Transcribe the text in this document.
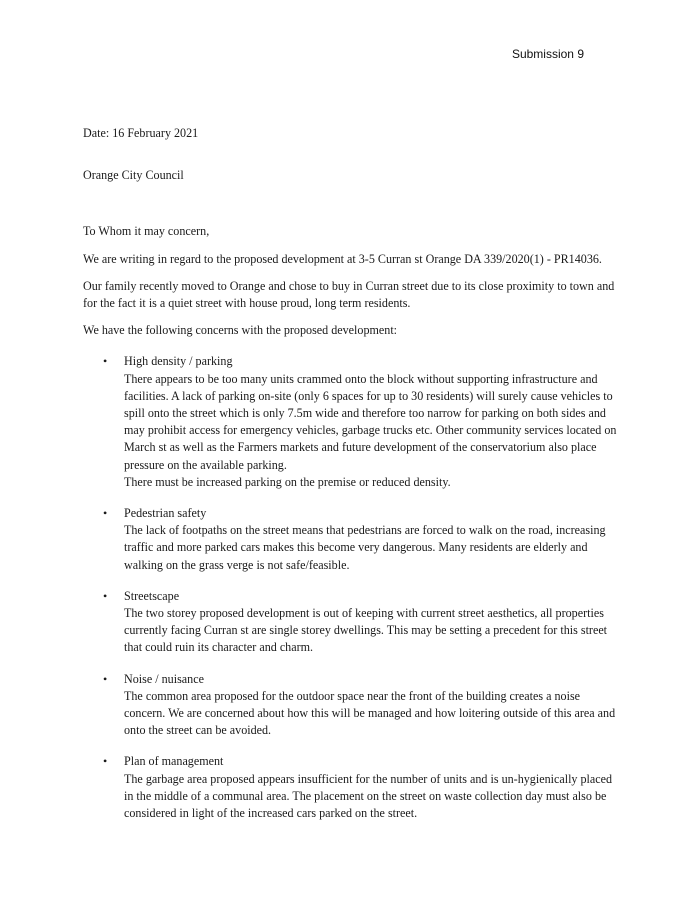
Submission 9

Date: 16 February 2021

Orange City Council

To Whom it may concern,

We are writing in regard to the proposed development at 3-5 Curran st Orange DA 339/2020(1) - PR14036.

Our family recently moved to Orange and chose to buy in Curran street due to its close proximity to town and for the fact it is a quiet street with house proud, long term residents.

We have the following concerns with the proposed development:

• High density / parking
There appears to be too many units crammed onto the block without supporting infrastructure and facilities. A lack of parking on-site (only 6 spaces for up to 30 residents) will surely cause vehicles to spill onto the street which is only 7.5m wide and therefore too narrow for parking on both sides and may prohibit access for emergency vehicles, garbage trucks etc. Other community services located on March st as well as the Farmers markets and future development of the conservatorium also place pressure on the available parking.
There must be increased parking on the premise or reduced density.
• Pedestrian safety
The lack of footpaths on the street means that pedestrians are forced to walk on the road, increasing traffic and more parked cars makes this become very dangerous. Many residents are elderly and walking on the grass verge is not safe/feasible.
• Streetscape
The two storey proposed development is out of keeping with current street aesthetics, all properties currently facing Curran st are single storey dwellings. This may be setting a precedent for this street that could ruin its character and charm.
• Noise / nuisance
The common area proposed for the outdoor space near the front of the building creates a noise concern. We are concerned about how this will be managed and how loitering outside of this area and onto the street can be avoided.
• Plan of management
The garbage area proposed appears insufficient for the number of units and is un-hygienically placed in the middle of a communal area. The placement on the street on waste collection day must also be considered in light of the increased cars parked on the street.
